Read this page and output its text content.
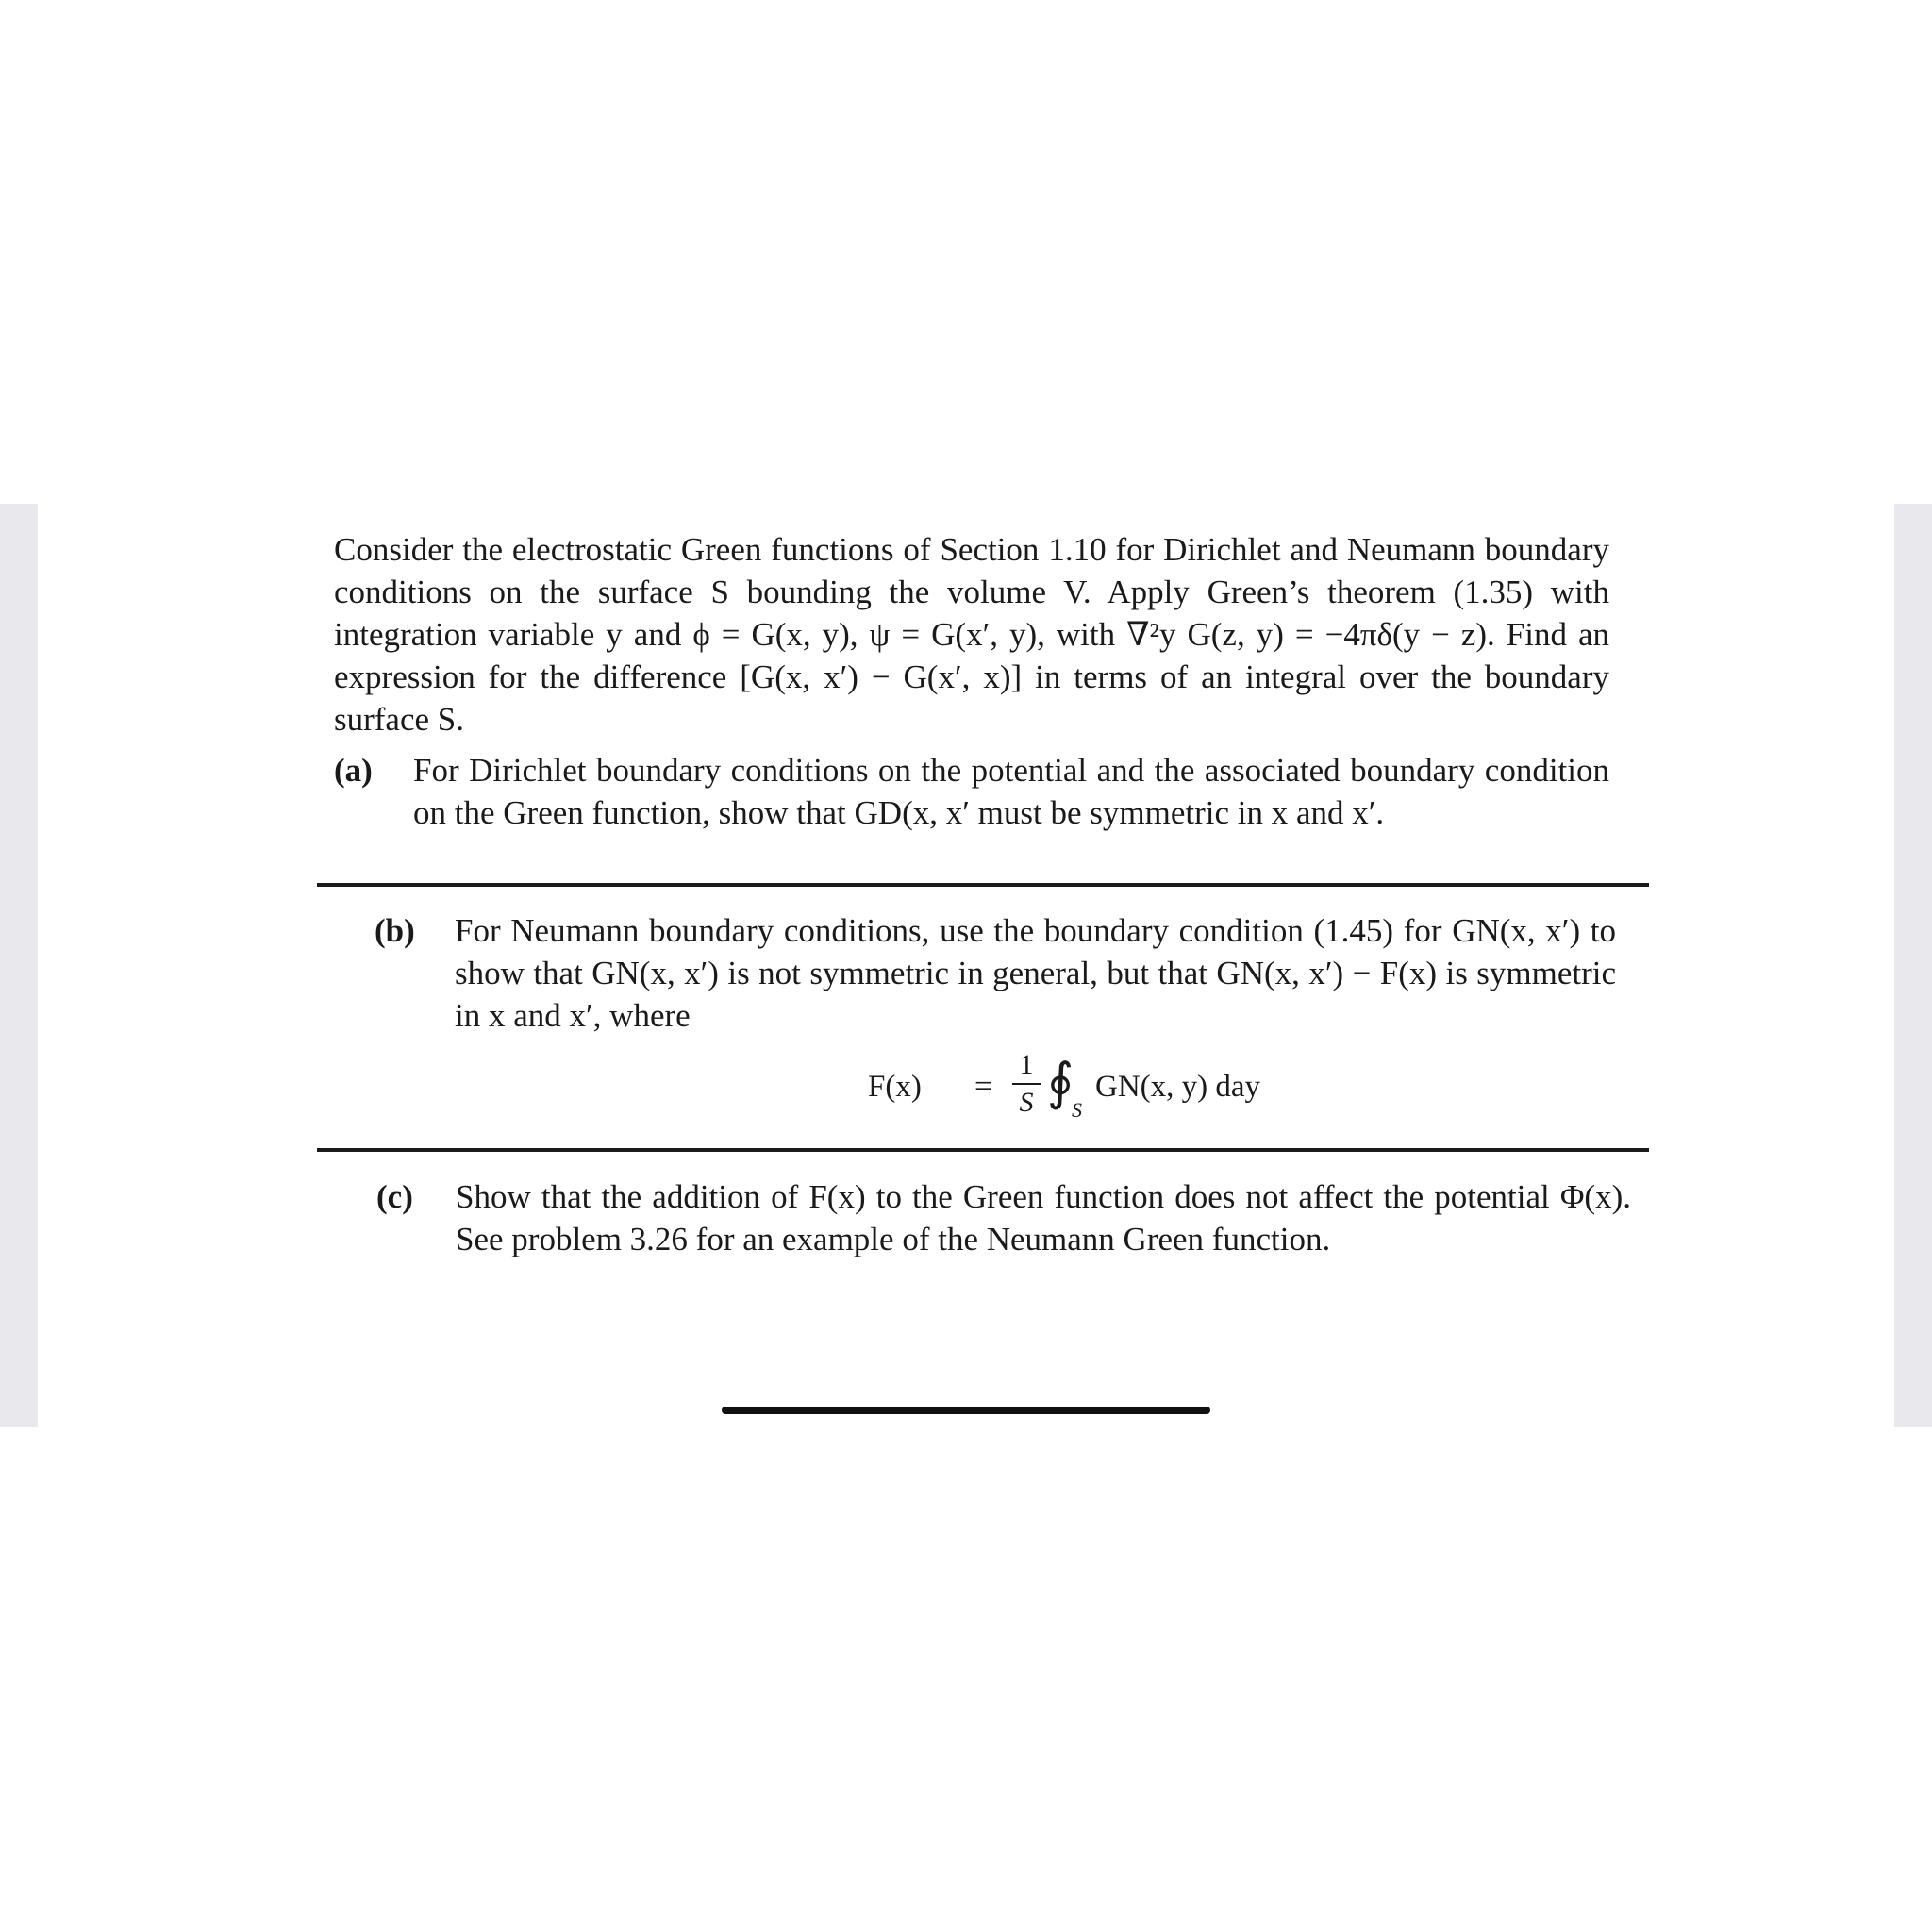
Consider the electrostatic Green functions of Section 1.10 for Dirichlet and Neumann boundary conditions on the surface S bounding the volume V. Apply Green’s theorem (1.35) with integration variable y and ϕ = G(x, y), ψ = G(x′, y), with ∇²y G(z, y) = −4πδ(y − z). Find an expression for the difference [G(x, x′) − G(x′, x)] in terms of an integral over the boundary surface S.
(a) For Dirichlet boundary conditions on the potential and the associated boundary condition on the Green function, show that GD(x, x′ must be symmetric in x and x′.
(b) For Neumann boundary conditions, use the boundary condition (1.45) for GN(x, x′) to show that GN(x, x′) is not symmetric in general, but that GN(x, x′) − F(x) is symmetric in x and x′, where
F(x) =
1
S ∮
S
GN(x, y) day
(c) Show that the addition of F(x) to the Green function does not affect the potential Φ(x). See problem 3.26 for an example of the Neumann Green function.
